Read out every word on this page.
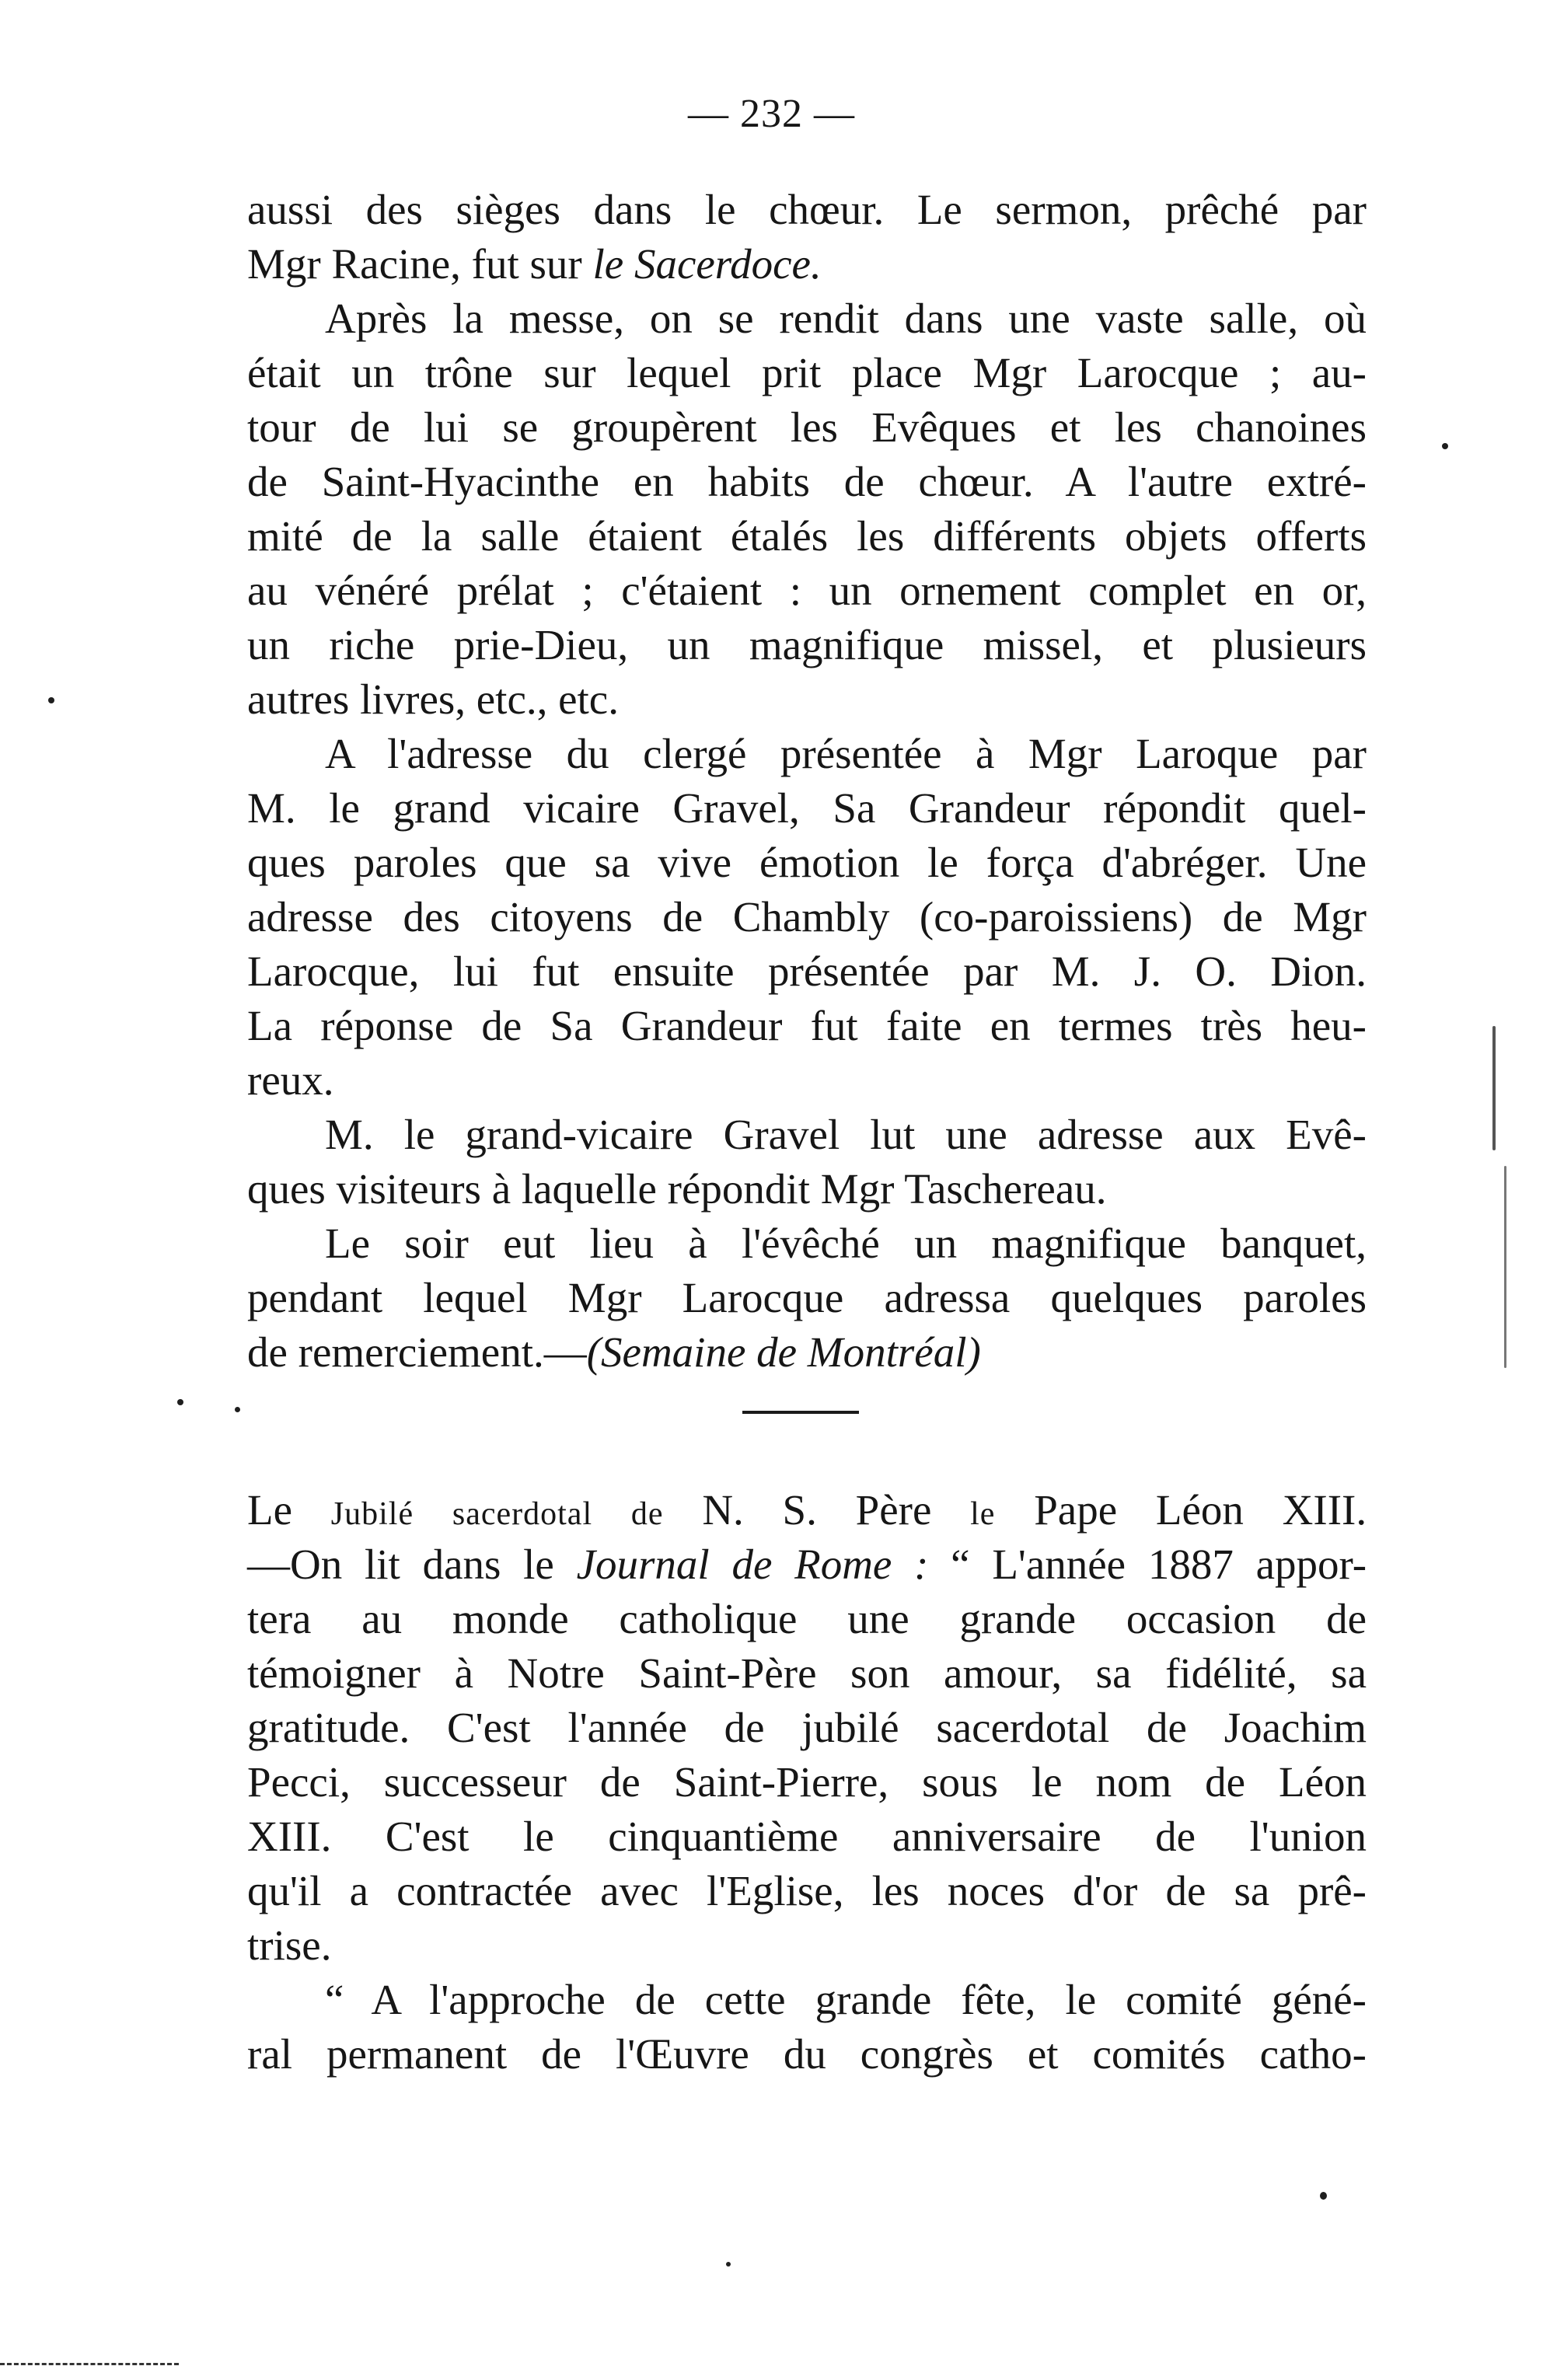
— 232 —
aussi des sièges dans le chœur. Le sermon, prêché par
Mgr Racine, fut sur le Sacerdoce.
Après la messe, on se rendit dans une vaste salle, où
était un trône sur lequel prit place Mgr Larocque ; au-
tour de lui se groupèrent les Evêques et les chanoines
de Saint-Hyacinthe en habits de chœur. A l'autre extré-
mité de la salle étaient étalés les différents objets offerts
au vénéré prélat ; c'étaient : un ornement complet en or,
un riche prie-Dieu, un magnifique missel, et plusieurs
autres livres, etc., etc.
A l'adresse du clergé présentée à Mgr Laroque par
M. le grand vicaire Gravel, Sa Grandeur répondit quel-
ques paroles que sa vive émotion le força d'abréger. Une
adresse des citoyens de Chambly (co-paroissiens) de Mgr
Larocque, lui fut ensuite présentée par M. J. O. Dion.
La réponse de Sa Grandeur fut faite en termes très heu-
reux.
M. le grand-vicaire Gravel lut une adresse aux Evê-
ques visiteurs à laquelle répondit Mgr Taschereau.
Le soir eut lieu à l'évêché un magnifique banquet,
pendant lequel Mgr Larocque adressa quelques paroles
de remerciement.—(Semaine de Montréal)
Le Jubilé sacerdotal de N. S. Père le Pape Léon XIII.
—On lit dans le Journal de Rome : “ L'année 1887 appor-
tera au monde catholique une grande occasion de
témoigner à Notre Saint-Père son amour, sa fidélité, sa
gratitude. C'est l'année de jubilé sacerdotal de Joachim
Pecci, successeur de Saint-Pierre, sous le nom de Léon
XIII. C'est le cinquantième anniversaire de l'union
qu'il a contractée avec l'Eglise, les noces d'or de sa prê-
trise.
“ A l'approche de cette grande fête, le comité géné-
ral permanent de l'Œuvre du congrès et comités catho-
